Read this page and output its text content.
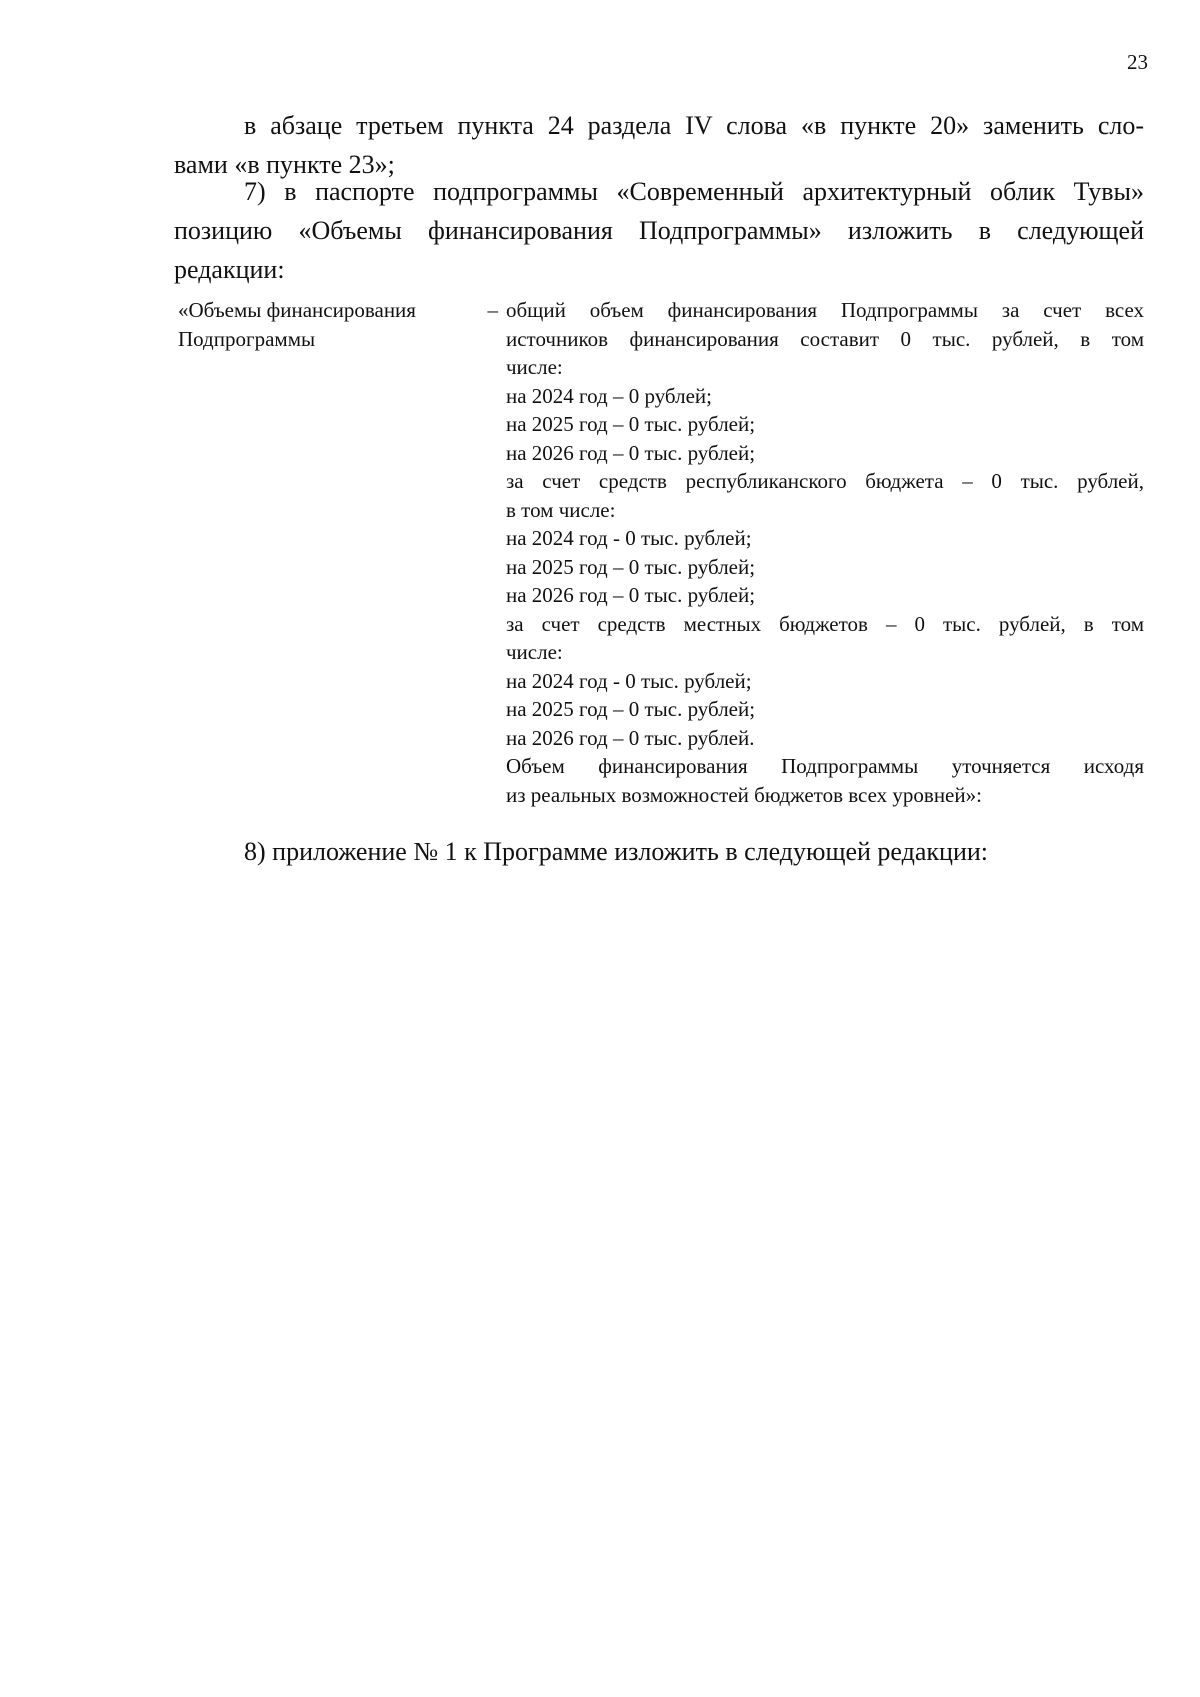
23
в абзаце третьем пункта 24 раздела IV слова «в пункте 20» заменить сло-
вами «в пункте 23»;
7) в паспорте подпрограммы «Современный архитектурный облик Тувы»
позицию «Объемы финансирования Подпрограммы» изложить в следующей
редакции:
«Объемы финансирования	–
Подпрограммы
общий объем финансирования Подпрограммы за счет всех
источников финансирования составит 0 тыс. рублей, в том
числе:
на 2024 год – 0 рублей;
на 2025 год – 0 тыс. рублей;
на 2026 год – 0 тыс. рублей;
за счет средств республиканского бюджета – 0 тыс. рублей,
в том числе:
на 2024 год - 0 тыс. рублей;
на 2025 год – 0 тыс. рублей;
на 2026 год – 0 тыс. рублей;
за счет средств местных бюджетов – 0 тыс. рублей, в том
числе:
на 2024 год - 0 тыс. рублей;
на 2025 год – 0 тыс. рублей;
на 2026 год – 0 тыс. рублей.
Объем финансирования Подпрограммы уточняется исходя
из реальных возможностей бюджетов всех уровней»:
8) приложение № 1 к Программе изложить в следующей редакции:
